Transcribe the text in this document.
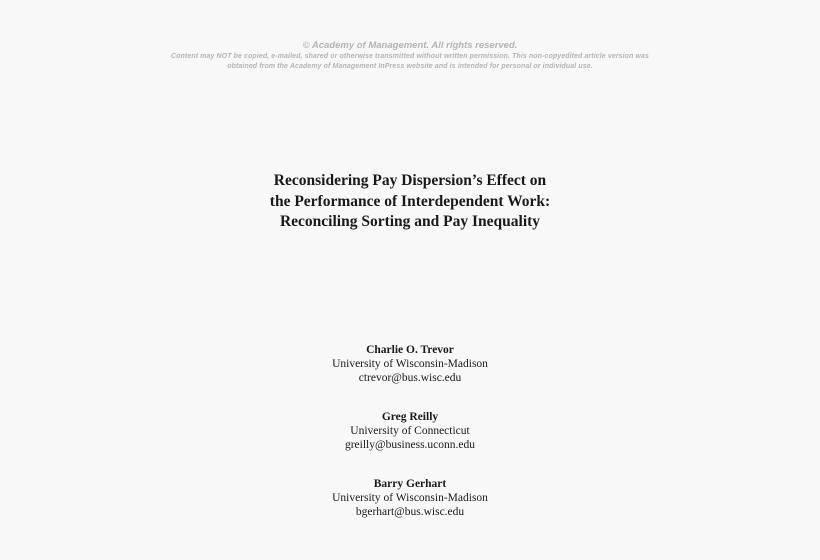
© Academy of Management. All rights reserved.
Content may NOT be copied, e-mailed, shared or otherwise transmitted without written permission. This non-copyedited article version was
obtained from the Academy of Management InPress website and is intended for personal or individual use.
Reconsidering Pay Dispersion’s Effect on
the Performance of Interdependent Work:
Reconciling Sorting and Pay Inequality
Charlie O. Trevor
University of Wisconsin-Madison
ctrevor@bus.wisc.edu
Greg Reilly
University of Connecticut
greilly@business.uconn.edu
Barry Gerhart
University of Wisconsin-Madison
bgerhart@bus.wisc.edu
